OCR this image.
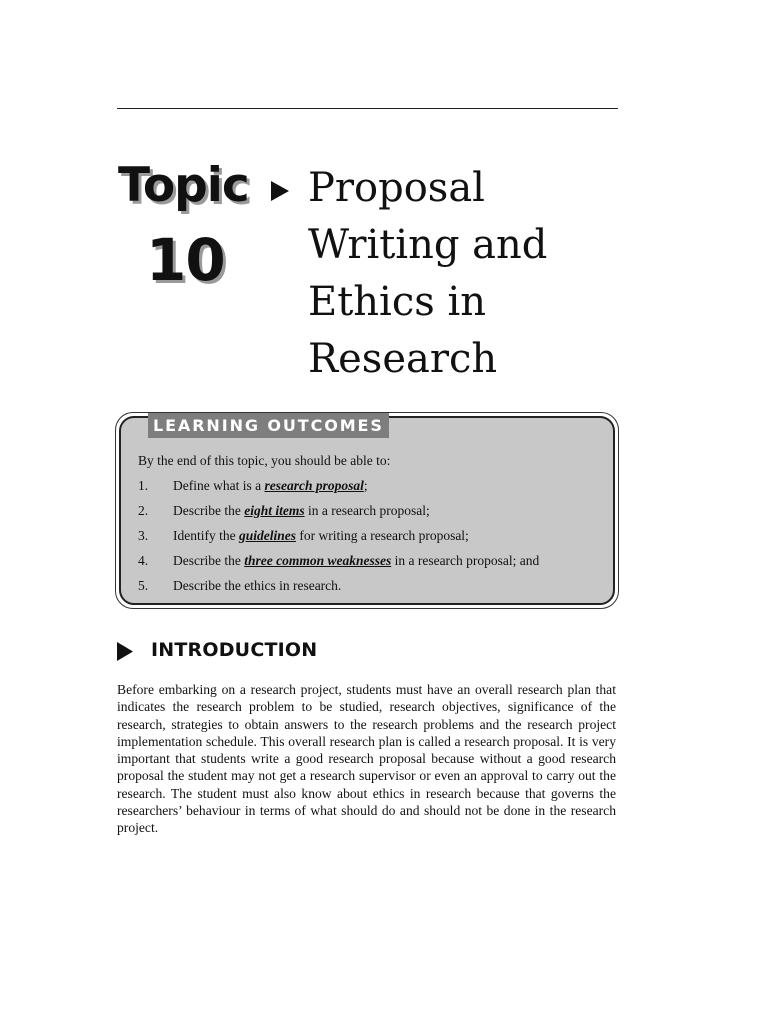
Topic
10
Proposal
Writing and
Ethics in
Research
LEARNING OUTCOMES
By the end of this topic, you should be able to:
1. Define what is a research proposal;
2. Describe the eight items in a research proposal;
3. Identify the guidelines for writing a research proposal;
4. Describe the three common weaknesses in a research proposal; and
5. Describe the ethics in research.
INTRODUCTION

Before embarking on a research project, students must have an overall research plan that indicates the research problem to be studied, research objectives, significance of the research, strategies to obtain answers to the research problems and the research project implementation schedule. This overall research plan is called a research proposal. It is very important that students write a good research proposal because without a good research proposal the student may not get a research supervisor or even an approval to carry out the research. The student must also know about ethics in research because that governs the researchers’ behaviour in terms of what should do and should not be done in the research project.
